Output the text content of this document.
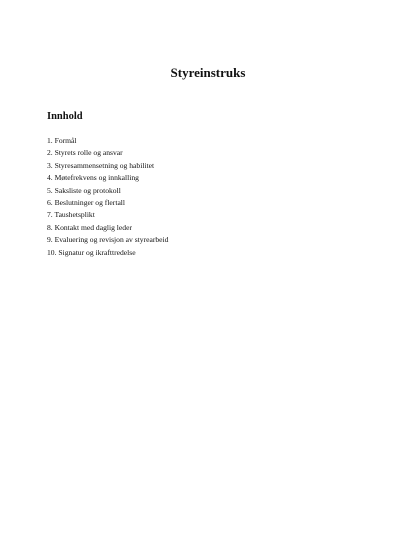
Styreinstruks
Innhold
1. Formål
2. Styrets rolle og ansvar
3. Styresammensetning og habilitet
4. Møtefrekvens og innkalling
5. Saksliste og protokoll
6. Beslutninger og flertall
7. Taushetsplikt
8. Kontakt med daglig leder
9. Evaluering og revisjon av styrearbeid
10. Signatur og ikrafttredelse
